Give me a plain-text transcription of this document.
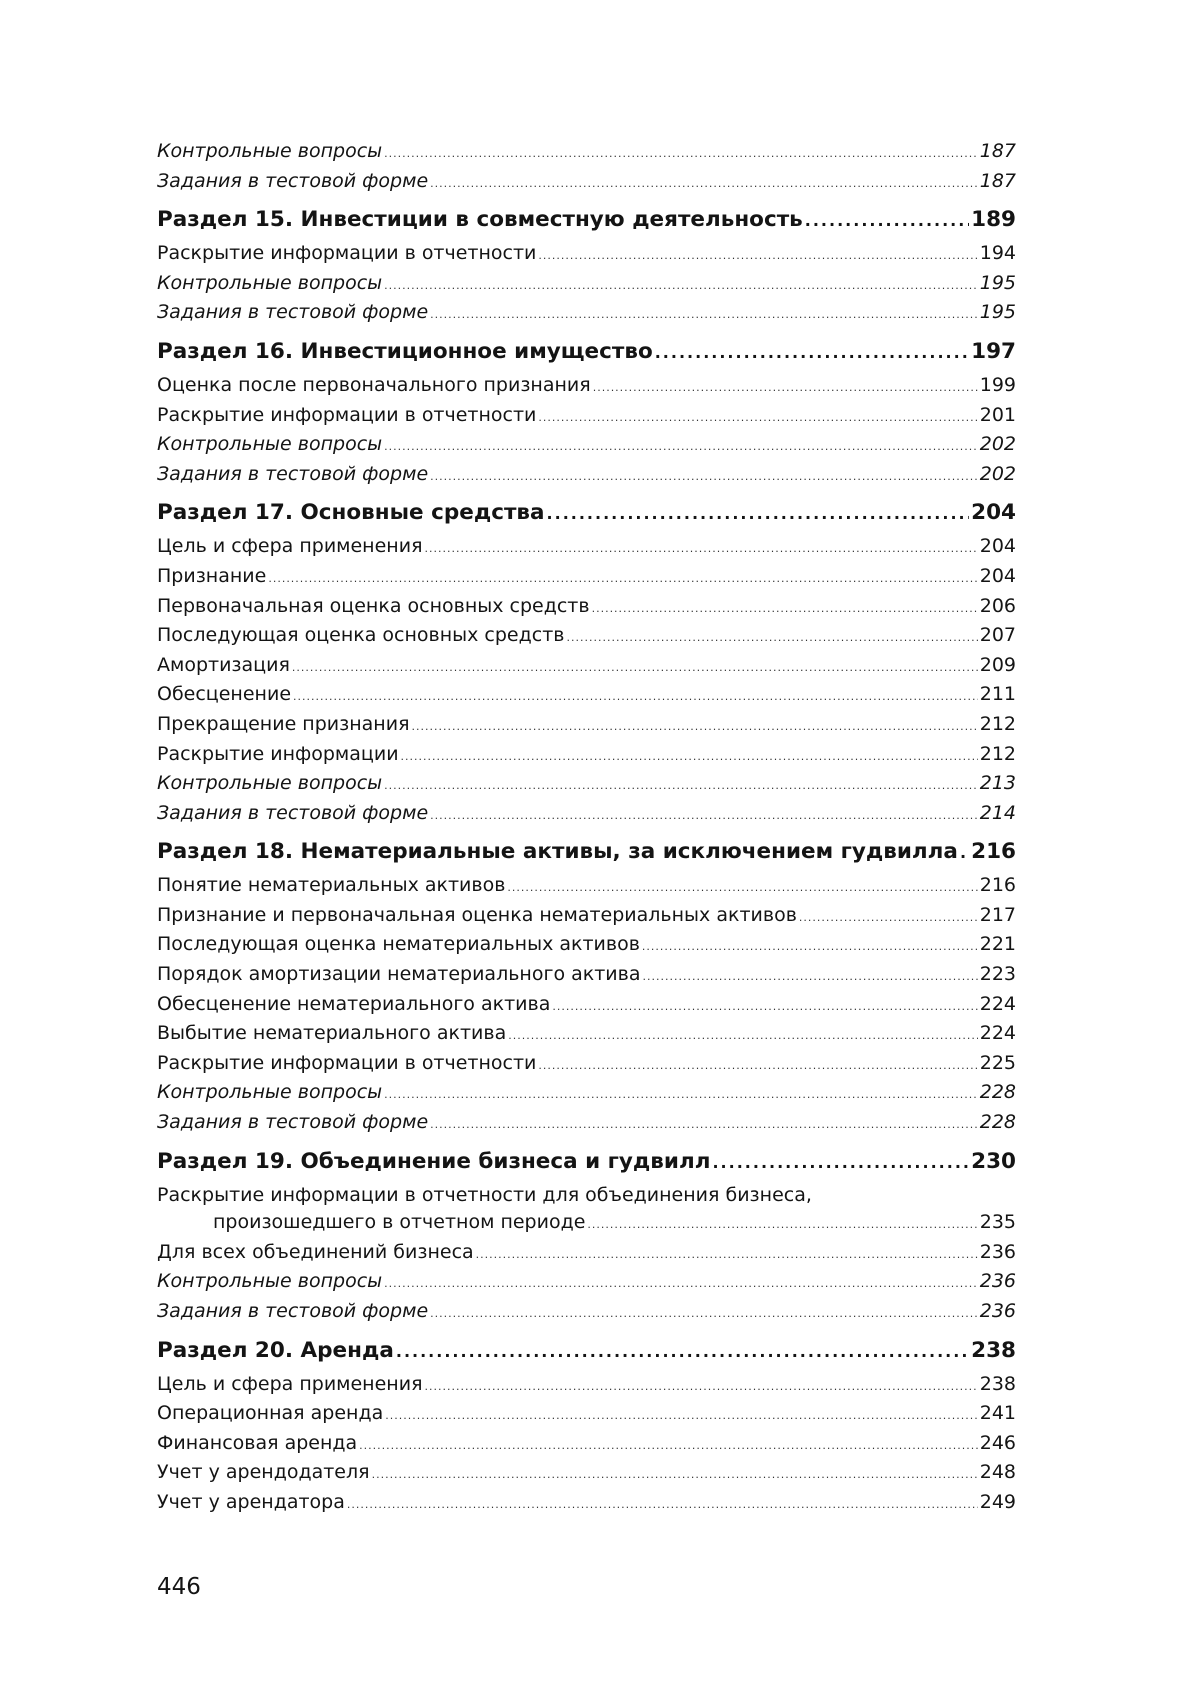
Контрольные вопросы .....	187
Задания в тестовой форме .....	187
Раздел 15. Инвестиции в совместную деятельность .....	189
Раскрытие информации в отчетности .....	194
Контрольные вопросы .....	195
Задания в тестовой форме .....	195
Раздел 16. Инвестиционное имущество .....	197
Оценка после первоначального признания .....	199
Раскрытие информации в отчетности .....	201
Контрольные вопросы .....	202
Задания в тестовой форме .....	202
Раздел 17. Основные средства .....	204
Цель и сфера применения .....	204
Признание .....	204
Первоначальная оценка основных средств .....	206
Последующая оценка основных средств .....	207
Амортизация .....	209
Обесценение .....	211
Прекращение признания .....	212
Раскрытие информации .....	212
Контрольные вопросы .....	213
Задания в тестовой форме .....	214
Раздел 18. Нематериальные активы, за исключением гудвилла ..... 216
Понятие нематериальных активов .....	216
Признание и первоначальная оценка нематериальных активов .....	217
Последующая оценка нематериальных активов .....	221
Порядок амортизации нематериального актива .....	223
Обесценение нематериального актива .....	224
Выбытие нематериального актива .....	224
Раскрытие информации в отчетности .....	225
Контрольные вопросы .....	228
Задания в тестовой форме .....	228
Раздел 19. Объединение бизнеса и гудвилл .....	230
Раскрытие информации в отчетности для объединения бизнеса,
произошедшего в отчетном периоде .....	235
Для всех объединений бизнеса .....	236
Контрольные вопросы .....	236
Задания в тестовой форме .....	236
Раздел 20. Аренда .....	238
Цель и сфера применения .....	238
Операционная аренда .....	241
Финансовая аренда .....	246
Учет у арендодателя .....	248
Учет у арендатора .....	249
446
